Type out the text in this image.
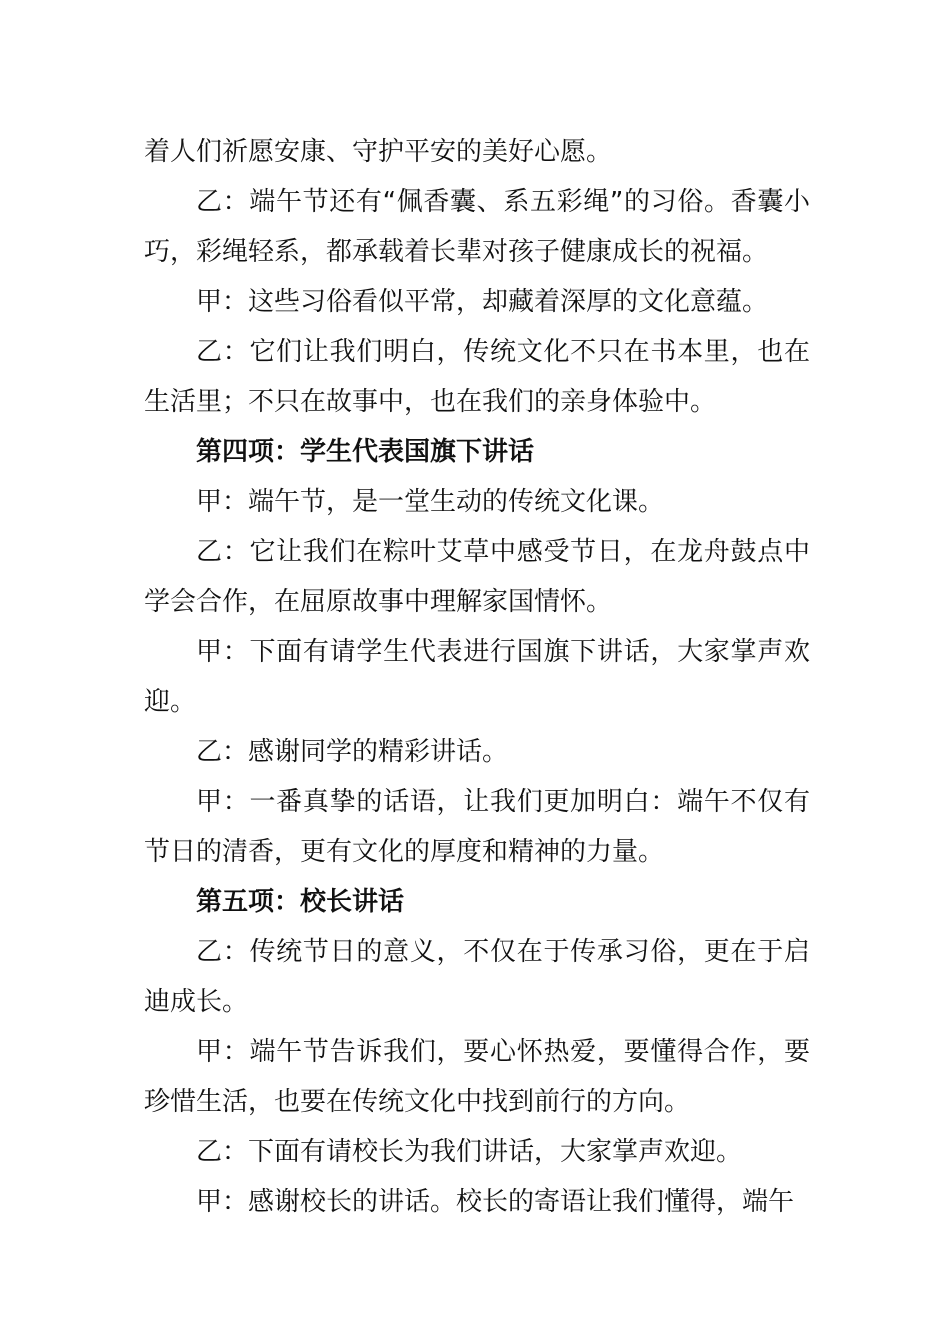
着人们祈愿安康、守护平安的美好心愿。

乙：端午节还有“佩香囊、系五彩绳”的习俗。香囊小巧，彩绳轻系，都承载着长辈对孩子健康成长的祝福。

甲：这些习俗看似平常，却藏着深厚的文化意蕴。

乙：它们让我们明白，传统文化不只在书本里，也在生活里；不只在故事中，也在我们的亲身体验中。

第四项：学生代表国旗下讲话

甲：端午节，是一堂生动的传统文化课。

乙：它让我们在粽叶艾草中感受节日，在龙舟鼓点中学会合作，在屈原故事中理解家国情怀。

甲：下面有请学生代表进行国旗下讲话，大家掌声欢迎。

乙：感谢同学的精彩讲话。

甲：一番真挚的话语，让我们更加明白：端午不仅有节日的清香，更有文化的厚度和精神的力量。

第五项：校长讲话

乙：传统节日的意义，不仅在于传承习俗，更在于启迪成长。

甲：端午节告诉我们，要心怀热爱，要懂得合作，要珍惜生活，也要在传统文化中找到前行的方向。

乙：下面有请校长为我们讲话，大家掌声欢迎。

甲：感谢校长的讲话。校长的寄语让我们懂得，端午
